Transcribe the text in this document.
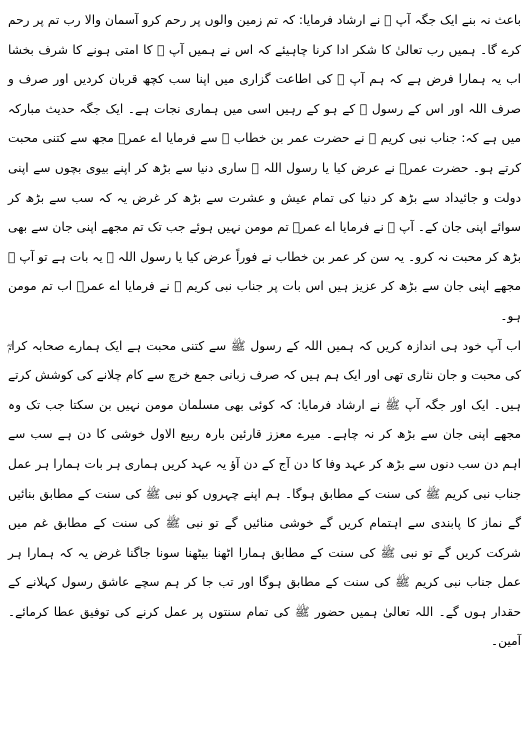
باعث نہ بنے ایک جگہ آپ ﷺ نے ارشاد فرمایا: کہ تم زمین والوں پر رحم کرو آسمان والا رب تم پر رحم کرے گا۔ ہمیں رب تعالیٰ کا شکر ادا کرنا چاہیئے کہ اس نے ہمیں آپ ﷺ کا امتی ہونے کا شرف بخشا اب یہ ہمارا فرض ہے کہ ہم آپ ﷺ کی اطاعت گزاری میں اپنا سب کچھ قربان کردیں اور صرف و صرف اللہ اور اس کے رسول ﷺ کے ہو کے رہیں اسی میں ہماری نجات ہے۔ ایک جگہ حدیث مبارکہ میں ہے کہ: جناب نبی کریم ﷺ نے حضرت عمر بن خطاب ؓ سے فرمایا اے عمرؓ مجھ سے کتنی محبت کرتے ہو۔ حضرت عمرؓ نے عرض کیا یا رسول اللہ ﷺ ساری دنیا سے بڑھ کر اپنے بیوی بچوں سے اپنی دولت و جائیداد سے بڑھ کر دنیا کی تمام عیش و عشرت سے بڑھ کر غرض یہ کہ سب سے بڑھ کر سوائے اپنی جان کے۔ آپ ﷺ نے فرمایا اے عمرؓ تم مومن نہیں ہوئے جب تک تم مجھے اپنی جان سے بھی بڑھ کر محبت نہ کرو۔ یہ سن کر عمر بن خطاب نے فوراً عرض کیا یا رسول اللہ ﷺ یہ بات ہے تو آپ ﷺ مجھے اپنی جان سے بڑھ کر عزیز ہیں اس بات پر جناب نبی کریم ﷺ نے فرمایا اے عمرؓ اب تم مومن ہو۔

اب آپ خود ہی اندازہ کریں کہ ہمیں اللہ کے رسول ﷺ سے کتنی محبت ہے ایک ہمارے صحابہ کرامؓ کی محبت و جان نثاری تھی اور ایک ہم ہیں کہ صرف زبانی جمع خرچ سے کام چلانے کی کوشش کرتے ہیں۔ ایک اور جگہ آپ ﷺ نے ارشاد فرمایا: کہ کوئی بھی مسلمان مومن نہیں بن سکتا جب تک وہ مجھے اپنی جان سے بڑھ کر نہ چاہے۔ میرے معزز قارئین بارہ ربیع الاول خوشی کا دن ہے سب سے اہم دن سب دنوں سے بڑھ کر عہد وفا کا دن آج کے دن آؤ یہ عہد کریں ہماری ہر بات ہمارا ہر عمل جناب نبی کریم ﷺ کی سنت کے مطابق ہوگا۔ ہم اپنے چہروں کو نبی ﷺ کی سنت کے مطابق بنائیں گے نماز کا پابندی سے اہتمام کریں گے خوشی منائیں گے تو نبی ﷺ کی سنت کے مطابق غم میں شرکت کریں گے تو نبی ﷺ کی سنت کے مطابق ہمارا اٹھنا بیٹھنا سونا جاگنا غرض یہ کہ ہمارا ہر عمل جناب نبی کریم ﷺ کی سنت کے مطابق ہوگا اور تب جا کر ہم سچے عاشق رسول کہلانے کے حقدار ہوں گے۔ اللہ تعالیٰ ہمیں حضور ﷺ کی تمام سنتوں پر عمل کرنے کی توفیق عطا کرمائے۔ آمین۔
